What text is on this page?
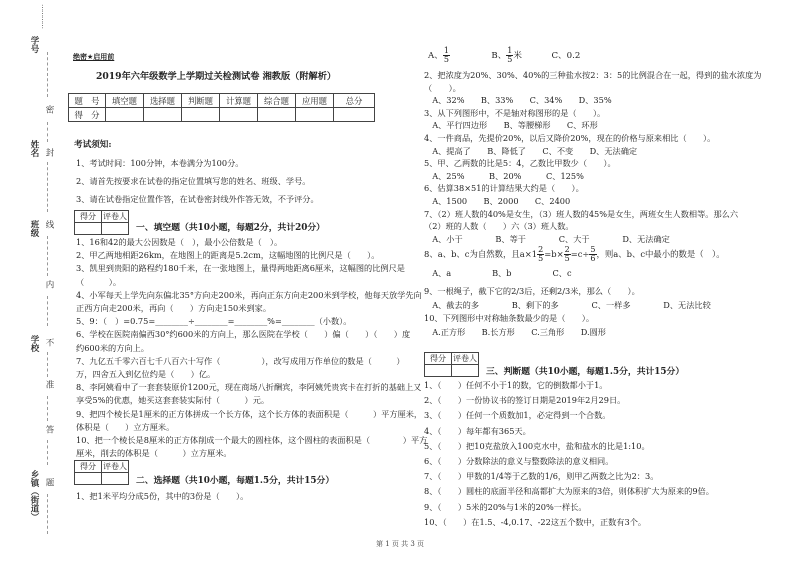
…………
学号
密
姓名 封
班级 线
内
学校 不
准
答
乡镇（街道） 题
绝密★启用前
2019年六年级数学上学期过关检测试卷 湘教版（附解析）
题　号	填空题	选择题	判断题	计算题	综合题	应用题	总分
得　分							
考试须知:
1、考试时间：100分钟，本卷满分为100分。
2、请首先按要求在试卷的指定位置填写您的姓名、班级、学号。
3、请在试卷指定位置作答，在试卷密封线外作答无效，不予评分。
得分	评卷人

一、填空题（共10小题，每题2分，共计20分）
1、16和42的最大公因数是（　），最小公倍数是（　）。
2、甲乙两地相距26km，在地图上的距离是5.2cm，这幅地图的比例尺是（　　）。
3、凯里到贵阳的路程约180千米，在一张地图上，量得两地距离6厘米，这幅图的比例尺是
（　　　）。
4、小军每天上学先向东偏北35°方向走200米，再向正东方向走200米到学校，他每天放学先向
正西方向走200米，再向（　　）方向走150米到家。
5、9：（　）=0.75=________÷________=________%=________（小数）。
6、学校在医院南偏西30°约600米的方向上，那么医院在学校（　　）偏（　　）（　　）度
约600米的方向上。
7、九亿五千零六百七千八百六十写作（　　　　　），改写成用万作单位的数是（　　　）
万，四舍五入到亿位约是（　　）亿。
8、李阿姨看中了一套套装原价1200元，现在商场八折酬宾，李阿姨凭贵宾卡在打折的基础上又
享受5%的优惠，她买这套套装实际付（　　　）元。
9、把四个棱长是1厘米的正方体拼成一个长方体，这个长方体的表面积是（　　　）平方厘米，
体积是（　　）立方厘米。
10、把一个棱长是8厘米的正方体削成一个最大的圆柱体，这个圆柱的表面积是（　　　　）平方
厘米，削去的体积是（　　　）立方厘米。
得分	评卷人

二、选择题（共10小题，每题1.5分，共计15分）
1、把1米平均分成5份，其中的3份是（　　）。
A、 $\frac{1}{5}$	B、 $\frac{1}{5}$ 米	C、0.2
2、把浓度为20%、30%、40%的三种盐水按2：3：5的比例混合在一起，得到的盐水浓度为
（　　）。
　A、32%　　B、33%　　C、34%　　D、35%
3、从下列图形中，不是轴对称图形的是（　　）。
　A、平行四边形　　B、等腰梯形　　C、环形
4、一件商品，先提价20%，以后又降价20%，现在的价格与原来相比（　　）。
　A、提高了　　B、降低了　　C、不变　　D、无法确定
5、甲、乙两数的比是5：4，乙数比甲数少（　　）。
　A、25%　　　B、20%　　　C、125%
6、估算38×51的计算结果大约是（　　）。
　A、1500　　B、2000　　C、2400
7、（2）班人数的40%是女生，（3）班人数的45%是女生，两班女生人数相等。那么六
（2）班的人数（　　）六（3）班人数。
　A、小于　　　　B、等于　　　　C、大于　　　　D、无法确定
8、a、b、c为自然数，且$a\times 1 \frac{2}{5} =b\times \frac{2}{5} =c\div \frac{5}{6}$ ，则a、b、c中最小的数是（　）。
　A、a　　　　　B、b　　　　　C、c
9、一根绳子，截下它的2/3后，还剩2/3米，那么（　　）。
　A、截去的多　　　　B、剩下的多　　　　C、一样多　　　　D、无法比较
10、下列图形中对称轴条数最少的是（　　）。
　A.正方形　　B.长方形　　C.三角形　　D.圆形
得分	评卷人

三、判断题（共10小题，每题1.5分，共计15分）
1、（　　）任何不小于1的数，它的倒数都小于1。
2、（　　）一份协议书的签订日期是2019年2月29日。
3、（　　）任何一个质数加1，必定得到一个合数。
4、（　　）每年都有365天。
5、（　　）把10克盐放入100克水中，盐和盐水的比是1:10。
6、（　　）分数除法的意义与整数除法的意义相同。
7、（　　）甲数的1/4等于乙数的1/6，则甲乙两数之比为2：3。
8、（　　）圆柱的底面半径和高都扩大为原来的3倍，则体积扩大为原来的9倍。
9、（　　）5米的20%与1米的20%一样长。
10、（　　）在1.5、-4,0.17、-22这五个数中，正数有3个。
第 1 页 共 3 页
